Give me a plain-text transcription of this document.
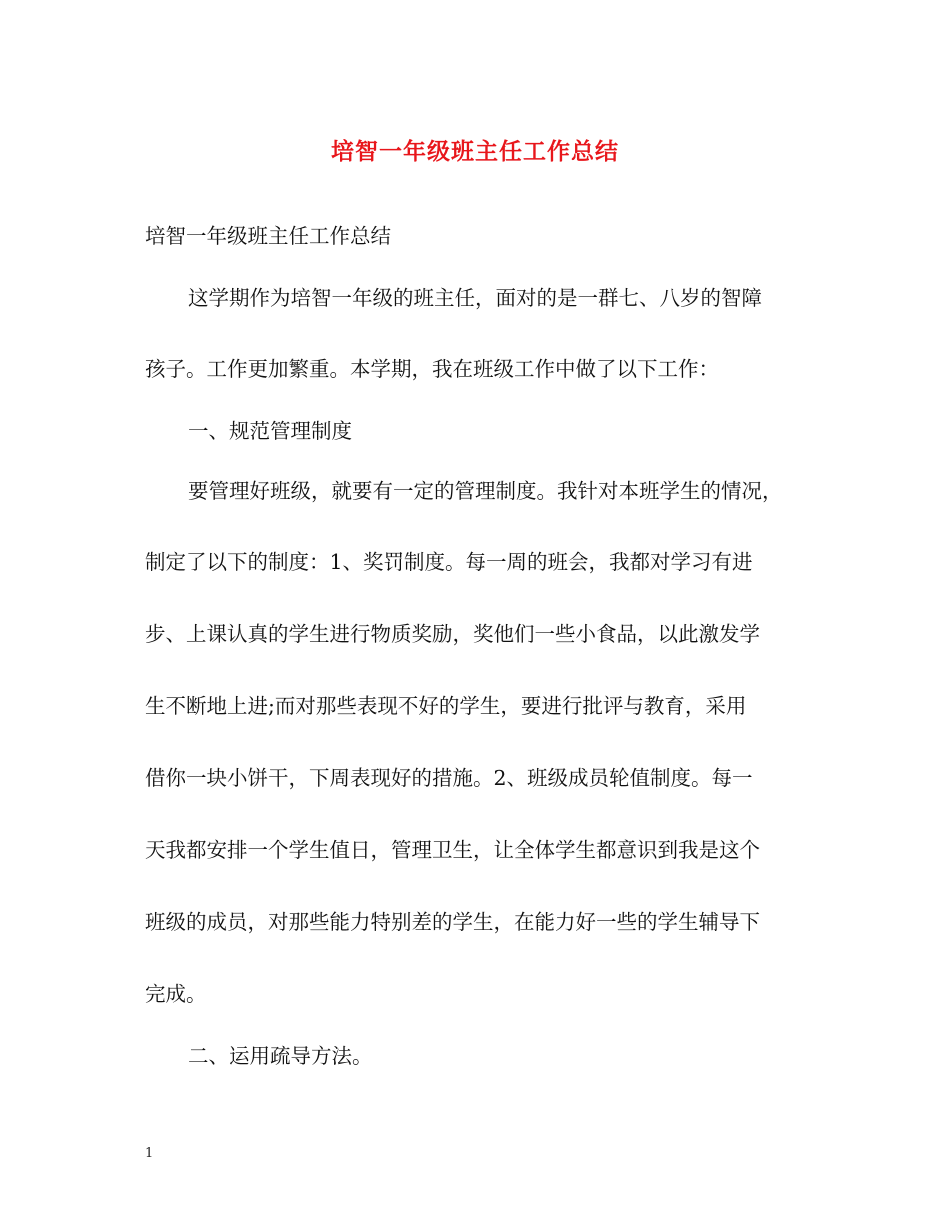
培智一年级班主任工作总结

培智一年级班主任工作总结

这学期作为培智一年级的班主任，面对的是一群七、八岁的智障

孩子。工作更加繁重。本学期，我在班级工作中做了以下工作：

一、规范管理制度

要管理好班级，就要有一定的管理制度。我针对本班学生的情况，

制定了以下的制度：1、奖罚制度。每一周的班会，我都对学习有进

步、上课认真的学生进行物质奖励，奖他们一些小食品，以此激发学

生不断地上进;而对那些表现不好的学生，要进行批评与教育，采用

借你一块小饼干，下周表现好的措施。2、班级成员轮值制度。每一

天我都安排一个学生值日，管理卫生，让全体学生都意识到我是这个

班级的成员，对那些能力特别差的学生，在能力好一些的学生辅导下

完成。

二、运用疏导方法。

1
